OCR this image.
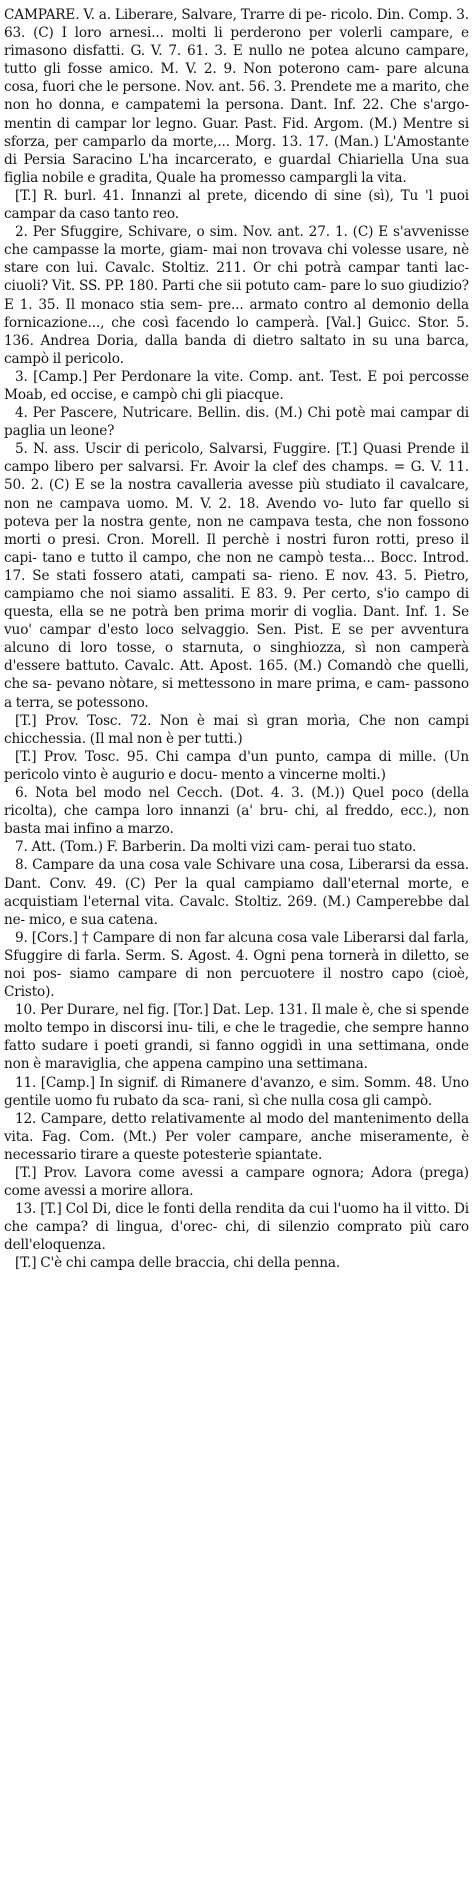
CAMPARE. V. a. Liberare, Salvare, Trarre di pe- ricolo. Din. Comp. 3. 63. (C) I loro arnesi... molti li perderono per volerli campare, e rimasono disfatti. G. V. 7. 61. 3. E nullo ne potea alcuno campare, tutto gli fosse amico. M. V. 2. 9. Non poterono cam- pare alcuna cosa, fuori che le persone. Nov. ant. 56. 3. Prendete me a marito, che non ho donna, e campatemi la persona. Dant. Inf. 22. Che s'argo- mentin di campar lor legno. Guar. Past. Fid. Argom. (M.) Mentre si sforza, per camparlo da morte,... Morg. 13. 17. (Man.) L'Amostante di Persia Saracino L'ha incarcerato, e guardal Chiariella Una sua figlia nobile e gradita, Quale ha promesso campargli la vita.
[T.] R. burl. 41. Innanzi al prete, dicendo di sine (sì), Tu 'l puoi campar da caso tanto reo.
2. Per Sfuggire, Schivare, o sim. Nov. ant. 27. 1. (C) E s'avvenisse che campasse la morte, giam- mai non trovava chi volesse usare, nè stare con lui. Cavalc. Stoltiz. 211. Or chi potrà campar tanti lac- ciuoli? Vit. SS. PP. 180. Parti che sii potuto cam- pare lo suo giudizio? E 1. 35. Il monaco stia sem- pre... armato contro al demonio della fornicazione..., che così facendo lo camperà. [Val.] Guicc. Stor. 5. 136. Andrea Doria, dalla banda di dietro saltato in su una barca, campò il pericolo.
3. [Camp.] Per Perdonare la vite. Comp. ant. Test. E poi percosse Moab, ed occise, e campò chi gli piacque.
4. Per Pascere, Nutricare. Bellin. dis. (M.) Chi potè mai campar di paglia un leone?
5. N. ass. Uscir di pericolo, Salvarsi, Fuggire. [T.] Quasi Prende il campo libero per salvarsi. Fr. Avoir la clef des champs. = G. V. 11. 50. 2. (C) E se la nostra cavalleria avesse più studiato il cavalcare, non ne campava uomo. M. V. 2. 18. Avendo vo- luto far quello si poteva per la nostra gente, non ne campava testa, che non fossono morti o presi. Cron. Morell. Il perchè i nostri furon rotti, preso il capi- tano e tutto il campo, che non ne campò testa... Bocc. Introd. 17. Se stati fossero atati, campati sa- rieno. E nov. 43. 5. Pietro, campiamo che noi siamo assaliti. E 83. 9. Per certo, s'io campo di questa, ella se ne potrà ben prima morir di voglia. Dant. Inf. 1. Se vuo' campar d'esto loco selvaggio. Sen. Pist. E se per avventura alcuno di loro tosse, o starnuta, o singhiozza, sì non camperà d'essere battuto. Cavalc. Att. Apost. 165. (M.) Comandò che quelli, che sa- pevano nòtare, si mettessono in mare prima, e cam- passono a terra, se potessono.
[T.] Prov. Tosc. 72. Non è mai sì gran morìa, Che non campi chicchessia. (Il mal non è per tutti.)
[T.] Prov. Tosc. 95. Chi campa d'un punto, campa di mille. (Un pericolo vinto è augurio e docu- mento a vincerne molti.)
6. Nota bel modo nel Cecch. (Dot. 4. 3. (M.)) Quel poco (della ricolta), che campa loro innanzi (a' bru- chi, al freddo, ecc.), non basta mai infino a marzo.
7. Att. (Tom.) F. Barberin. Da molti vizi cam- perai tuo stato.
8. Campare da una cosa vale Schivare una cosa, Liberarsi da essa. Dant. Conv. 49. (C) Per la qual campiamo dall'eternal morte, e acquistiam l'eternal vita. Cavalc. Stoltiz. 269. (M.) Camperebbe dal ne- mico, e sua catena.
9. [Cors.] † Campare di non far alcuna cosa vale Liberarsi dal farla, Sfuggire di farla. Serm. S. Agost. 4. Ogni pena tornerà in diletto, se noi pos- siamo campare di non percuotere il nostro capo (cioè, Cristo).
10. Per Durare, nel fig. [Tor.] Dat. Lep. 131. Il male è, che si spende molto tempo in discorsi inu- tili, e che le tragedie, che sempre hanno fatto sudare i poeti grandi, si fanno oggidì in una settimana, onde non è maraviglia, che appena campino una settimana.
11. [Camp.] In signif. di Rimanere d'avanzo, e sim. Somm. 48. Uno gentile uomo fu rubato da sca- rani, sì che nulla cosa gli campò.
12. Campare, detto relativamente al modo del mantenimento della vita. Fag. Com. (Mt.) Per voler campare, anche miseramente, è necessario tirare a queste potesterìe spiantate.
[T.] Prov. Lavora come avessi a campare ognora; Adora (prega) come avessi a morire allora.
13. [T.] Col Di, dice le fonti della rendita da cui l'uomo ha il vitto. Di che campa? di lingua, d'orec- chi, di silenzio comprato più caro dell'eloquenza.
[T.] C'è chi campa delle braccia, chi della penna.
